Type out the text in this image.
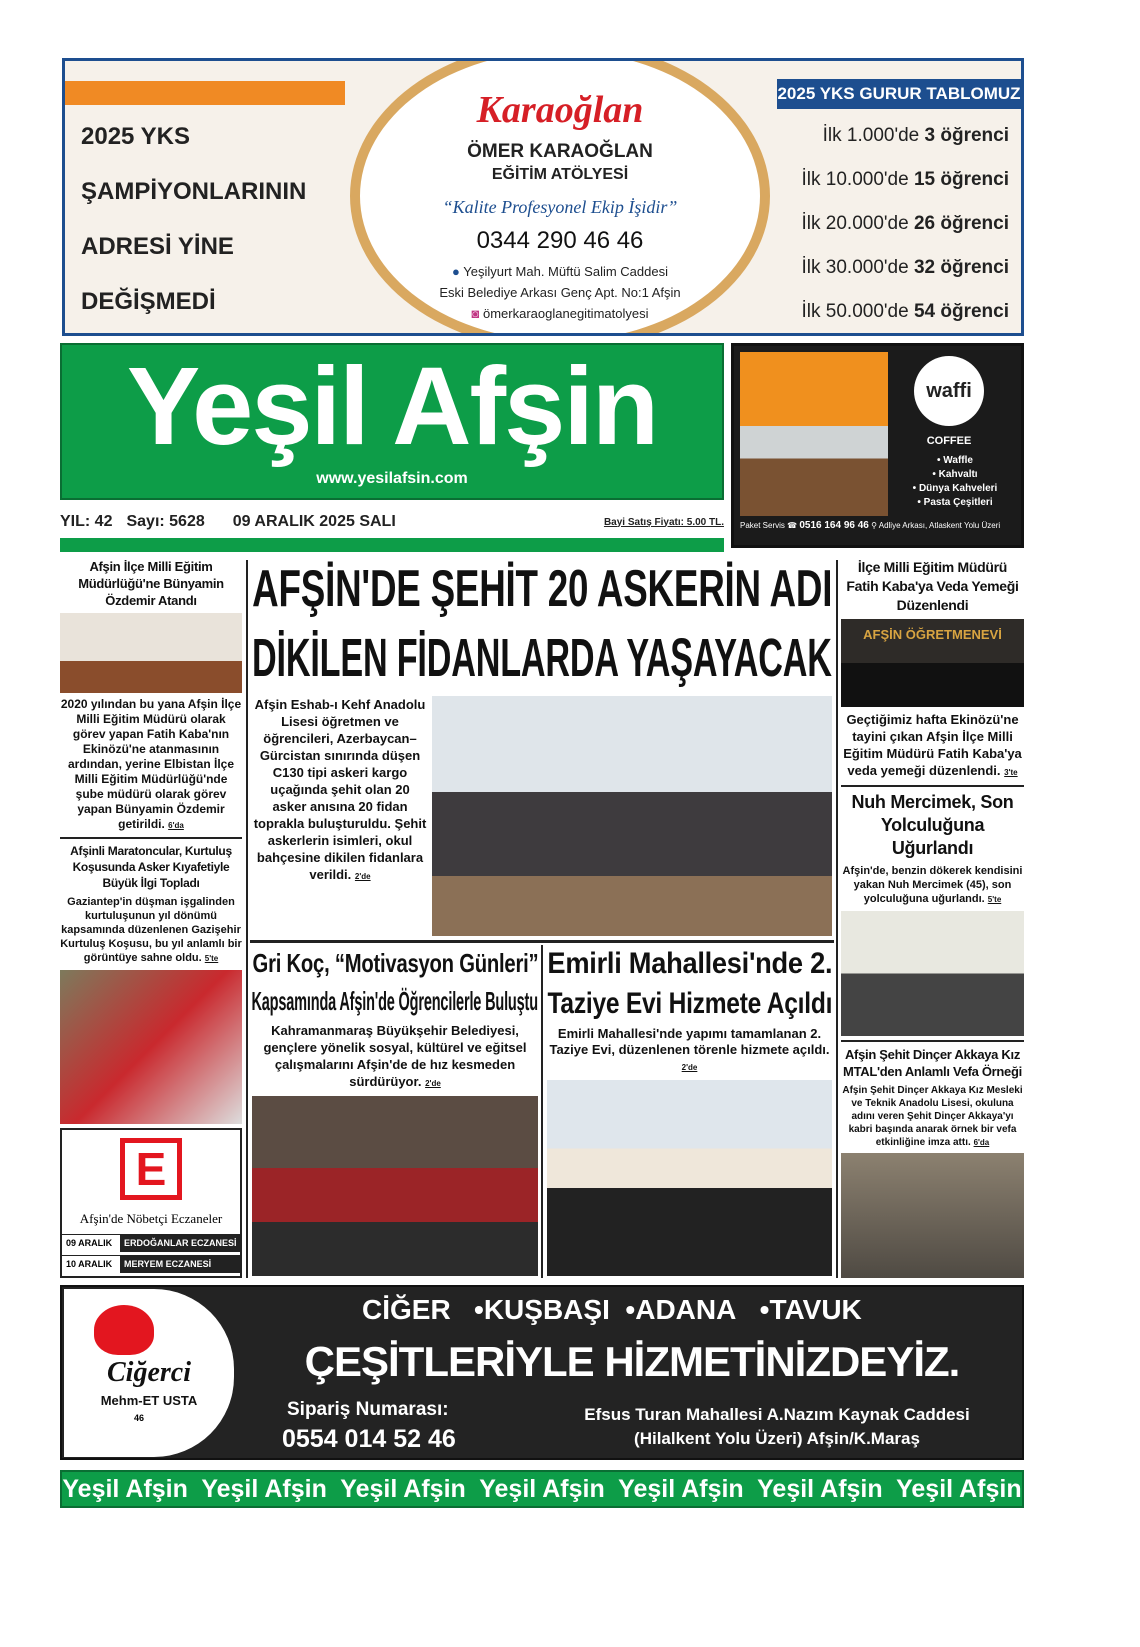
2025 YKS
ŞAMPİYONLARININ
ADRESİ YİNE
DEĞİŞMEDİ
Karaoğlan
ÖMER KARAOĞLAN
EĞİTİM ATÖLYESİ
“Kalite Profesyonel Ekip İşidir”
0344 290 46 46
● Yeşilyurt Mah. Müftü Salim Caddesi
Eski Belediye Arkası Genç Apt. No:1 Afşin
◙ ömerkaraoglanegitimatolyesi
2025 YKS GURUR TABLOMUZ
İlk 1.000'de 3 öğrenci
İlk 10.000'de 15 öğrenci
İlk 20.000'de 26 öğrenci
İlk 30.000'de 32 öğrenci
İlk 50.000'de 54 öğrenci
Yeşil Afşin
www.yesilafsin.com
YIL: 42 Sayı: 5628 09 ARALIK 2025 SALI	Bayi Satış Fiyatı: 5.00 TL.
waffi
COFFEE
• Waffle
• Kahvaltı
• Dünya Kahveleri
• Pasta Çeşitleri
Paket Servis ☎ 0516 164 96 46 ⚲ Adliye Arkası, Atlaskent Yolu Üzeri
Afşin İlçe Milli Eğitim Müdürlüğü'ne Bünyamin Özdemir Atandı
2020 yılından bu yana Afşin İlçe Milli Eğitim Müdürü olarak görev yapan Fatih Kaba'nın Ekinözü'ne atanmasının ardından, yerine Elbistan İlçe Milli Eğitim Müdürlüğü'nde şube müdürü olarak görev yapan Bünyamin Özdemir getirildi. 6'da
Afşinli Maratoncular, Kurtuluş Koşusunda Asker Kıyafetiyle Büyük İlgi Topladı
Gaziantep'in düşman işgalinden kurtuluşunun yıl dönümü kapsamında düzenlenen Gazişehir Kurtuluş Koşusu, bu yıl anlamlı bir görüntüye sahne oldu. 5'te
E
Afşin'de Nöbetçi Eczaneler
09 ARALIK	ERDOĞANLAR ECZANESİ
10 ARALIK	MERYEM ECZANESİ
AFŞİN'DE ŞEHİT 20 ASKERİN ADI
DİKİLEN FİDANLARDA YAŞAYACAK
Afşin Eshab-ı Kehf Anadolu Lisesi öğretmen ve öğrencileri, Azerbaycan–Gürcistan sınırında düşen C130 tipi askeri kargo uçağında şehit olan 20 asker anısına 20 fidan toprakla buluşturuldu. Şehit askerlerin isimleri, okul bahçesine dikilen fidanlara verildi. 2'de
Gri Koç, “Motivasyon Günleri”
Kapsamında Afşin'de Öğrencilerle Buluştu
Kahramanmaraş Büyükşehir Belediyesi, gençlere yönelik sosyal, kültürel ve eğitsel çalışmalarını Afşin'de de hız kesmeden sürdürüyor. 2'de
Emirli Mahallesi'nde 2.
Taziye Evi Hizmete Açıldı
Emirli Mahallesi'nde yapımı tamamlanan 2. Taziye Evi, düzenlenen törenle hizmete açıldı. 2'de
İlçe Milli Eğitim Müdürü Fatih Kaba'ya Veda Yemeği Düzenlendi
AFŞİN ÖĞRETMENEVİ
Geçtiğimiz hafta Ekinözü'ne tayini çıkan Afşin İlçe Milli Eğitim Müdürü Fatih Kaba'ya veda yemeği düzenlendi. 3'te
Nuh Mercimek, Son Yolculuğuna Uğurlandı
Afşin'de, benzin dökerek kendisini yakan Nuh Mercimek (45), son yolculuğuna uğurlandı. 5'te
Afşin Şehit Dinçer Akkaya Kız MTAL'den Anlamlı Vefa Örneği
Afşin Şehit Dinçer Akkaya Kız Mesleki ve Teknik Anadolu Lisesi, okuluna adını veren Şehit Dinçer Akkaya'yı kabri başında anarak örnek bir vefa etkinliğine imza attı. 6'da
Ciğerci
Mehm-ET USTA
46
CİĞER •KUŞBAŞI •ADANA •TAVUK
ÇEŞİTLERİYLE HİZMETİNİZDEYİZ.
Sipariş Numarası:
0554 014 52 46
Efsus Turan Mahallesi A.Nazım Kaynak Caddesi
(Hilalkent Yolu Üzeri) Afşin/K.Maraş
Yeşil Afşin  Yeşil Afşin  Yeşil Afşin  Yeşil Afşin  Yeşil Afşin  Yeşil Afşin  Yeşil Afşin
